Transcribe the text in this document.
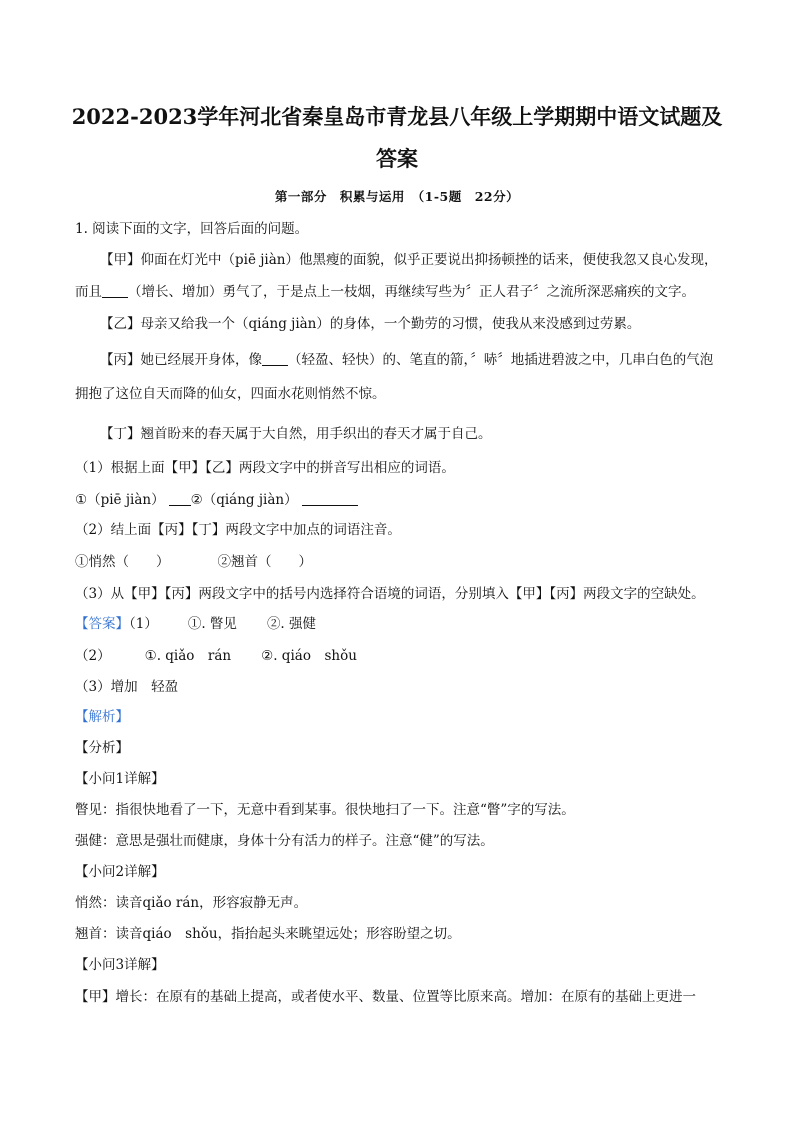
2022-2023学年河北省秦皇岛市青龙县八年级上学期期中语文试题及
答案
第一部分　积累与运用　（1-5题　22分）
1. 阅读下面的文字，回答后面的问题。
【甲】仰面在灯光中（piē jiàn）他黑瘦的面貌，似乎正要说出抑扬顿挫的话来，便使我忽又良心发现，
而且 （增长、增加）勇气了，于是点上一枝烟，再继续写些为〞正人君子〞之流所深恶痛疾的文字。
【乙】母亲又给我一个（qiáng jiàn）的身体，一个勤劳的习惯，使我从来没感到过劳累。
【丙】她已经展开身体，像 （轻盈、轻快）的、笔直的箭，〞哧〞地插进碧波之中，几串白色的气泡
拥抱了这位自天而降的仙女，四面水花则悄然不惊。
【丁】翘首盼来的春天属于大自然，用手织出的春天才属于自己。
（1）根据上面【甲】【乙】两段文字中的拼音写出相应的词语。
①（piē jiàn） ②（qiáng jiàn）
（2）结上面【丙】【丁】两段文字中加点的词语注音。
①悄然（　　）	②翘首（　　）
（3）从【甲】【丙】两段文字中的括号内选择符合语境的词语，分别填入【甲】【丙】两段文字的空缺处。
【答案】（1） ①. 瞥见 ②. 强健
（2）	①. qiǎo　rán ②. qiáo　shǒu
（3）增加　轻盈
【解析】
【分析】
【小问1详解】
瞥见：指很快地看了一下，无意中看到某事。很快地扫了一下。注意“瞥”字的写法。
强健：意思是强壮而健康，身体十分有活力的样子。注意“健”的写法。
【小问2详解】
悄然：读音qiǎo rán，形容寂静无声。
翘首：读音qiáo　shǒu，指抬起头来眺望远处；形容盼望之切。
【小问3详解】
【甲】增长：在原有的基础上提高，或者使水平、数量、位置等比原来高。增加：在原有的基础上更进一
